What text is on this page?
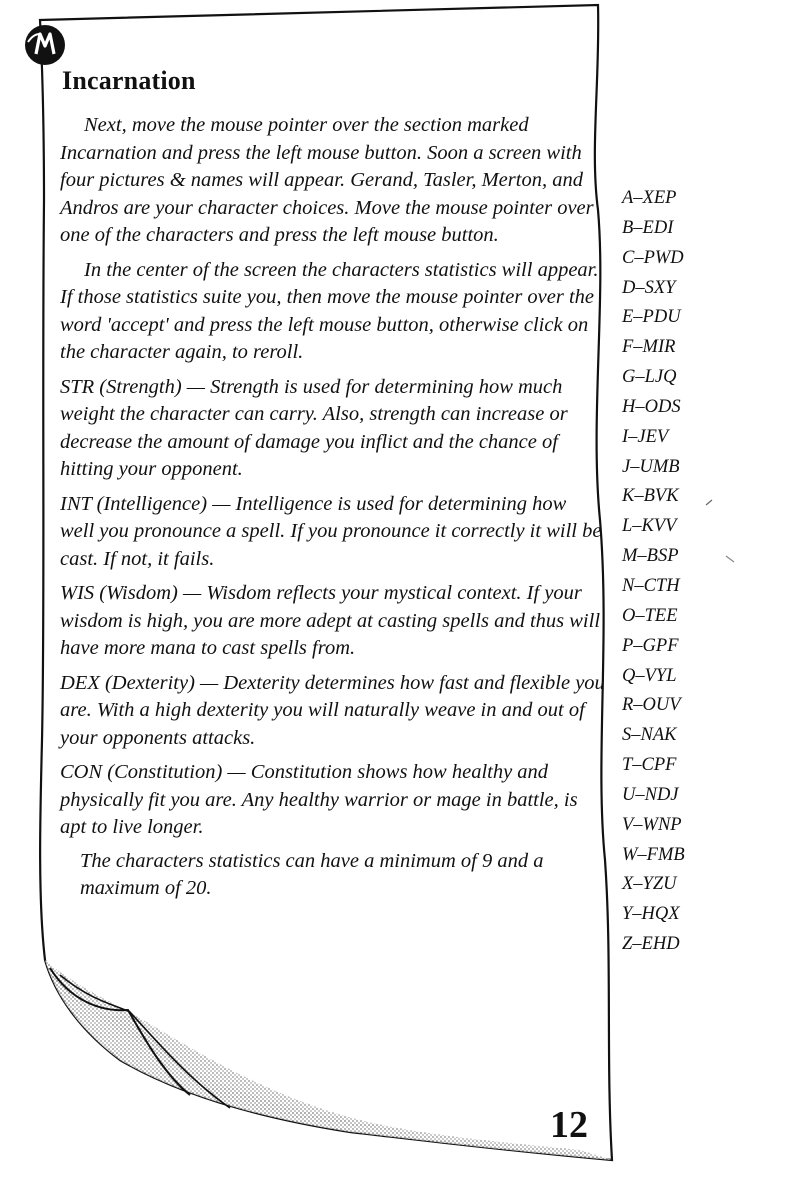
Incarnation

Next, move the mouse pointer over the section marked Incarnation and press the left mouse button. Soon a screen with four pictures & names will appear. Gerand, Tasler, Merton, and Andros are your character choices. Move the mouse pointer over one of the characters and press the left mouse button.

In the center of the screen the characters statistics will appear. If those statistics suite you, then move the mouse pointer over the word 'accept' and press the left mouse button, otherwise click on the character again, to reroll.

STR (Strength) — Strength is used for determining how much weight the character can carry. Also, strength can increase or decrease the amount of damage you inflict and the chance of hitting your opponent.

INT (Intelligence) — Intelligence is used for determining how well you pronounce a spell. If you pronounce it correctly it will be cast. If not, it fails.

WIS (Wisdom) — Wisdom reflects your mystical context. If your wisdom is high, you are more adept at casting spells and thus will have more mana to cast spells from.

DEX (Dexterity) — Dexterity determines how fast and flexible you are. With a high dexterity you will naturally weave in and out of your opponents attacks.

CON (Constitution) — Constitution shows how healthy and physically fit you are. Any healthy warrior or mage in battle, is apt to live longer.

The characters statistics can have a minimum of 9 and a maximum of 20.

A–XEP
B–EDI
C–PWD
D–SXY
E–PDU
F–MIR
G–LJQ
H–ODS
I–JEV
J–UMB
K–BVK
L–KVV
M–BSP
N–CTH
O–TEE
P–GPF
Q–VYL
R–OUV
S–NAK
T–CPF
U–NDJ
V–WNP
W–FMB
X–YZU
Y–HQX
Z–EHD
12
